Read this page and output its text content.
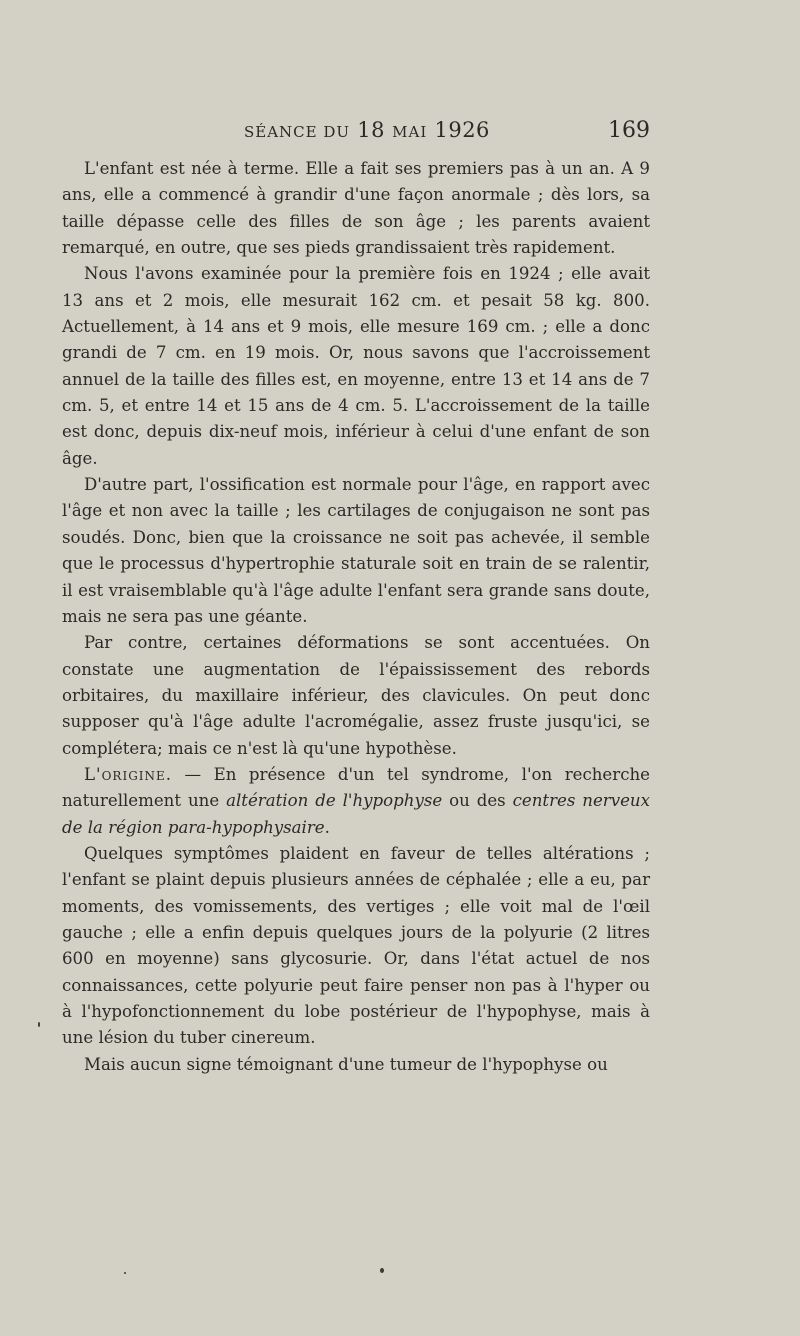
SÉANCE DU 18 MAI 1926	169

L'enfant est née à terme. Elle a fait ses premiers pas à un an. A 9 ans, elle a commencé à grandir d'une façon anormale ; dès lors, sa taille dépasse celle des filles de son âge ; les parents avaient remarqué, en outre, que ses pieds grandissaient très rapidement.

Nous l'avons examinée pour la première fois en 1924 ; elle avait 13 ans et 2 mois, elle mesurait 162 cm. et pesait 58 kg. 800. Actuellement, à 14 ans et 9 mois, elle mesure 169 cm. ; elle a donc grandi de 7 cm. en 19 mois. Or, nous savons que l'accroissement annuel de la taille des filles est, en moyenne, entre 13 et 14 ans de 7 cm. 5, et entre 14 et 15 ans de 4 cm. 5. L'accroissement de la taille est donc, depuis dix-neuf mois, inférieur à celui d'une enfant de son âge.

D'autre part, l'ossification est normale pour l'âge, en rapport avec l'âge et non avec la taille ; les cartilages de conjugaison ne sont pas soudés. Donc, bien que la croissance ne soit pas achevée, il semble que le processus d'hypertrophie staturale soit en train de se ralentir, il est vraisemblable qu'à l'âge adulte l'enfant sera grande sans doute, mais ne sera pas une géante.

Par contre, certaines déformations se sont accentuées. On constate une augmentation de l'épaississement des rebords orbitaires, du maxillaire inférieur, des clavicules. On peut donc supposer qu'à l'âge adulte l'acromégalie, assez fruste jusqu'ici, se complétera; mais ce n'est là qu'une hypothèse.

L'origine. — En présence d'un tel syndrome, l'on recherche naturellement une altération de l'hypophyse ou des centres nerveux de la région para-hypophysaire.

Quelques symptômes plaident en faveur de telles altérations ; l'enfant se plaint depuis plusieurs années de céphalée ; elle a eu, par moments, des vomissements, des vertiges ; elle voit mal de l'œil gauche ; elle a enfin depuis quelques jours de la polyurie (2 litres 600 en moyenne) sans glycosurie. Or, dans l'état actuel de nos connaissances, cette polyurie peut faire penser non pas à l'hyper ou à l'hypofonctionnement du lobe postérieur de l'hypophyse, mais à une lésion du tuber cinereum.

Mais aucun signe témoignant d'une tumeur de l'hypophyse ou
